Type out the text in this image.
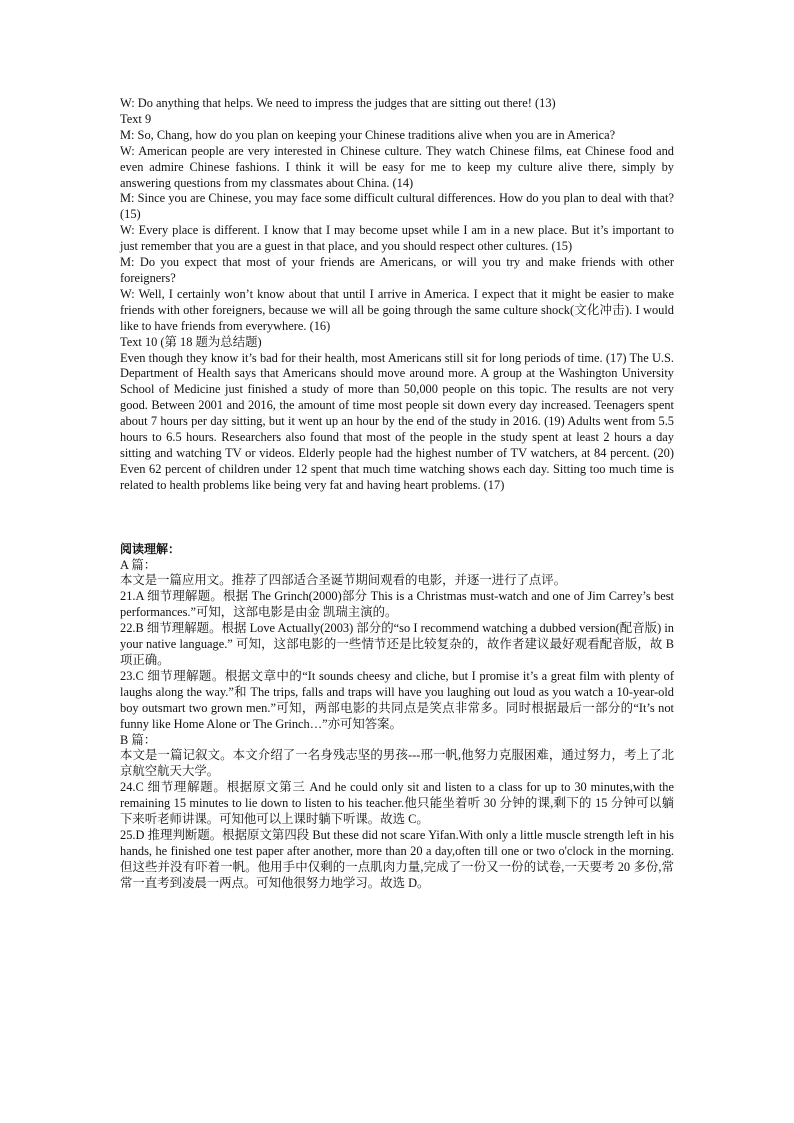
W: Do anything that helps. We need to impress the judges that are sitting out there! (13)

Text 9

M: So, Chang, how do you plan on keeping your Chinese traditions alive when you are in America?

W: American people are very interested in Chinese culture. They watch Chinese films, eat Chinese food and even admire Chinese fashions. I think it will be easy for me to keep my culture alive there, simply by answering questions from my classmates about China. (14)

M: Since you are Chinese, you may face some difficult cultural differences. How do you plan to deal with that? (15)

W: Every place is different. I know that I may become upset while I am in a new place. But it’s important to just remember that you are a guest in that place, and you should respect other cultures. (15)

M: Do you expect that most of your friends are Americans, or will you try and make friends with other foreigners?

W: Well, I certainly won’t know about that until I arrive in America. I expect that it might be easier to make friends with other foreigners, because we will all be going through the same culture shock(文化冲击). I would like to have friends from everywhere. (16)

Text 10 (第 18 题为总结题)

Even though they know it’s bad for their health, most Americans still sit for long periods of time. (17) The U.S. Department of Health says that Americans should move around more. A group at the Washington University School of Medicine just finished a study of more than 50,000 people on this topic. The results are not very good. Between 2001 and 2016, the amount of time most people sit down every day increased. Teenagers spent about 7 hours per day sitting, but it went up an hour by the end of the study in 2016. (19) Adults went from 5.5 hours to 6.5 hours. Researchers also found that most of the people in the study spent at least 2 hours a day sitting and watching TV or videos. Elderly people had the highest number of TV watchers, at 84 percent. (20) Even 62 percent of children under 12 spent that much time watching shows each day. Sitting too much time is related to health problems like being very fat and having heart problems. (17)

阅读理解：

A 篇：

本文是一篇应用文。推荐了四部适合圣诞节期间观看的电影，并逐一进行了点评。

21.A 细节理解题。根据 The Grinch(2000)部分 This is a Christmas must-watch and one of Jim Carrey’s best performances.”可知，这部电影是由金 凯瑞主演的。

22.B 细节理解题。根据 Love Actually(2003) 部分的“so I recommend watching a dubbed version(配音版) in your native language.” 可知，这部电影的一些情节还是比较复杂的，故作者建议最好观看配音版，故 B 项正确。

23.C 细节理解题。根据文章中的“It sounds cheesy and cliche, but I promise it’s a great film with plenty of laughs along the way.”和 The trips, falls and traps will have you laughing out loud as you watch a 10-year-old boy outsmart two grown men.”可知，两部电影的共同点是笑点非常多。同时根据最后一部分的“It’s not funny like Home Alone or The Grinch…”亦可知答案。

B 篇：

本文是一篇记叙文。本文介绍了一名身残志坚的男孩---邢一帆,他努力克服困难，通过努力，考上了北京航空航天大学。

24.C 细节理解题。根据原文第三 And he could only sit and listen to a class for up to 30 minutes,with the remaining 15 minutes to lie down to listen to his teacher.他只能坐着听 30 分钟的课,剩下的 15 分钟可以躺下来听老师讲课。可知他可以上课时躺下听课。故选 C。

25.D 推理判断题。根据原文第四段 But these did not scare Yifan.With only a little muscle strength left in his hands, he finished one test paper after another, more than 20 a day,often till one or two o'clock in the morning.但这些并没有吓着一帆。他用手中仅剩的一点肌肉力量,完成了一份又一份的试卷,一天要考 20 多份,常常一直考到凌晨一两点。可知他很努力地学习。故选 D。
